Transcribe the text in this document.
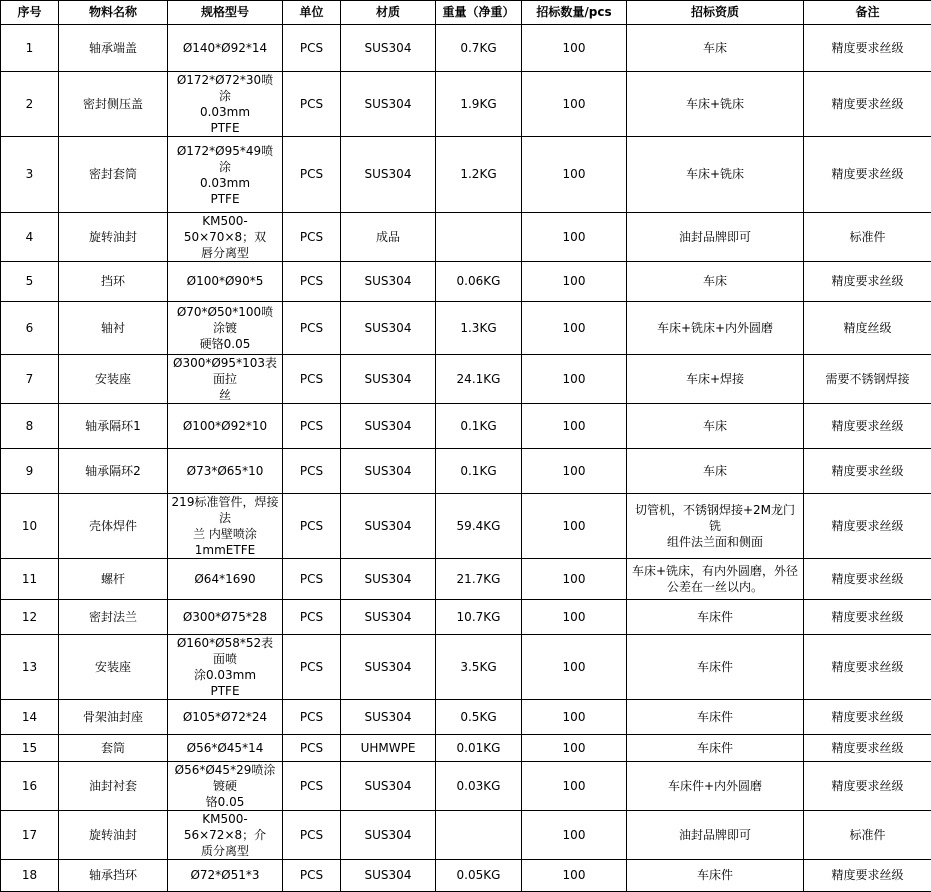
序号	物料名称	规格型号	单位	材质	重量（净重）	招标数量/pcs	招标资质	备注
1	轴承端盖	Ø140*Ø92*14	PCS	SUS304	0.7KG	100	车床	精度要求丝级
2	密封侧压盖	Ø172*Ø72*30喷涂
0.03mm
PTFE	PCS	SUS304	1.9KG	100	车床+铣床	精度要求丝级
3	密封套筒	Ø172*Ø95*49喷涂
0.03mm
PTFE	PCS	SUS304	1.2KG	100	车床+铣床	精度要求丝级
4	旋转油封	KM500-50×70×8；双
唇分离型	PCS	成品		100	油封品牌即可	标准件
5	挡环	Ø100*Ø90*5	PCS	SUS304	0.06KG	100	车床	精度要求丝级
6	轴衬	Ø70*Ø50*100喷涂镀
硬铬0.05	PCS	SUS304	1.3KG	100	车床+铣床+内外圆磨	精度丝级
7	安装座	Ø300*Ø95*103表面拉
丝	PCS	SUS304	24.1KG	100	车床+焊接	需要不锈钢焊接
8	轴承隔环1	Ø100*Ø92*10	PCS	SUS304	0.1KG	100	车床	精度要求丝级
9	轴承隔环2	Ø73*Ø65*10	PCS	SUS304	0.1KG	100	车床	精度要求丝级
10	壳体焊件	219标准管件，焊接法
兰 内壁喷涂
1mmETFE	PCS	SUS304	59.4KG	100	切管机，不锈钢焊接+2M龙门铣
组件法兰面和侧面	精度要求丝级
11	螺杆	Ø64*1690	PCS	SUS304	21.7KG	100	车床+铣床，有内外圆磨，外径
公差在一丝以内。	精度要求丝级
12	密封法兰	Ø300*Ø75*28	PCS	SUS304	10.7KG	100	车床件	精度要求丝级
13	安装座	Ø160*Ø58*52表面喷
涂0.03mm
PTFE	PCS	SUS304	3.5KG	100	车床件	精度要求丝级
14	骨架油封座	Ø105*Ø72*24	PCS	SUS304	0.5KG	100	车床件	精度要求丝级
15	套筒	Ø56*Ø45*14	PCS	UHMWPE	0.01KG	100	车床件	精度要求丝级
16	油封衬套	Ø56*Ø45*29喷涂镀硬
铬0.05	PCS	SUS304	0.03KG	100	车床件+内外圆磨	精度要求丝级
17	旋转油封	KM500-56×72×8；介
质分离型	PCS	SUS304		100	油封品牌即可	标准件
18	轴承挡环	Ø72*Ø51*3	PCS	SUS304	0.05KG	100	车床件	精度要求丝级
